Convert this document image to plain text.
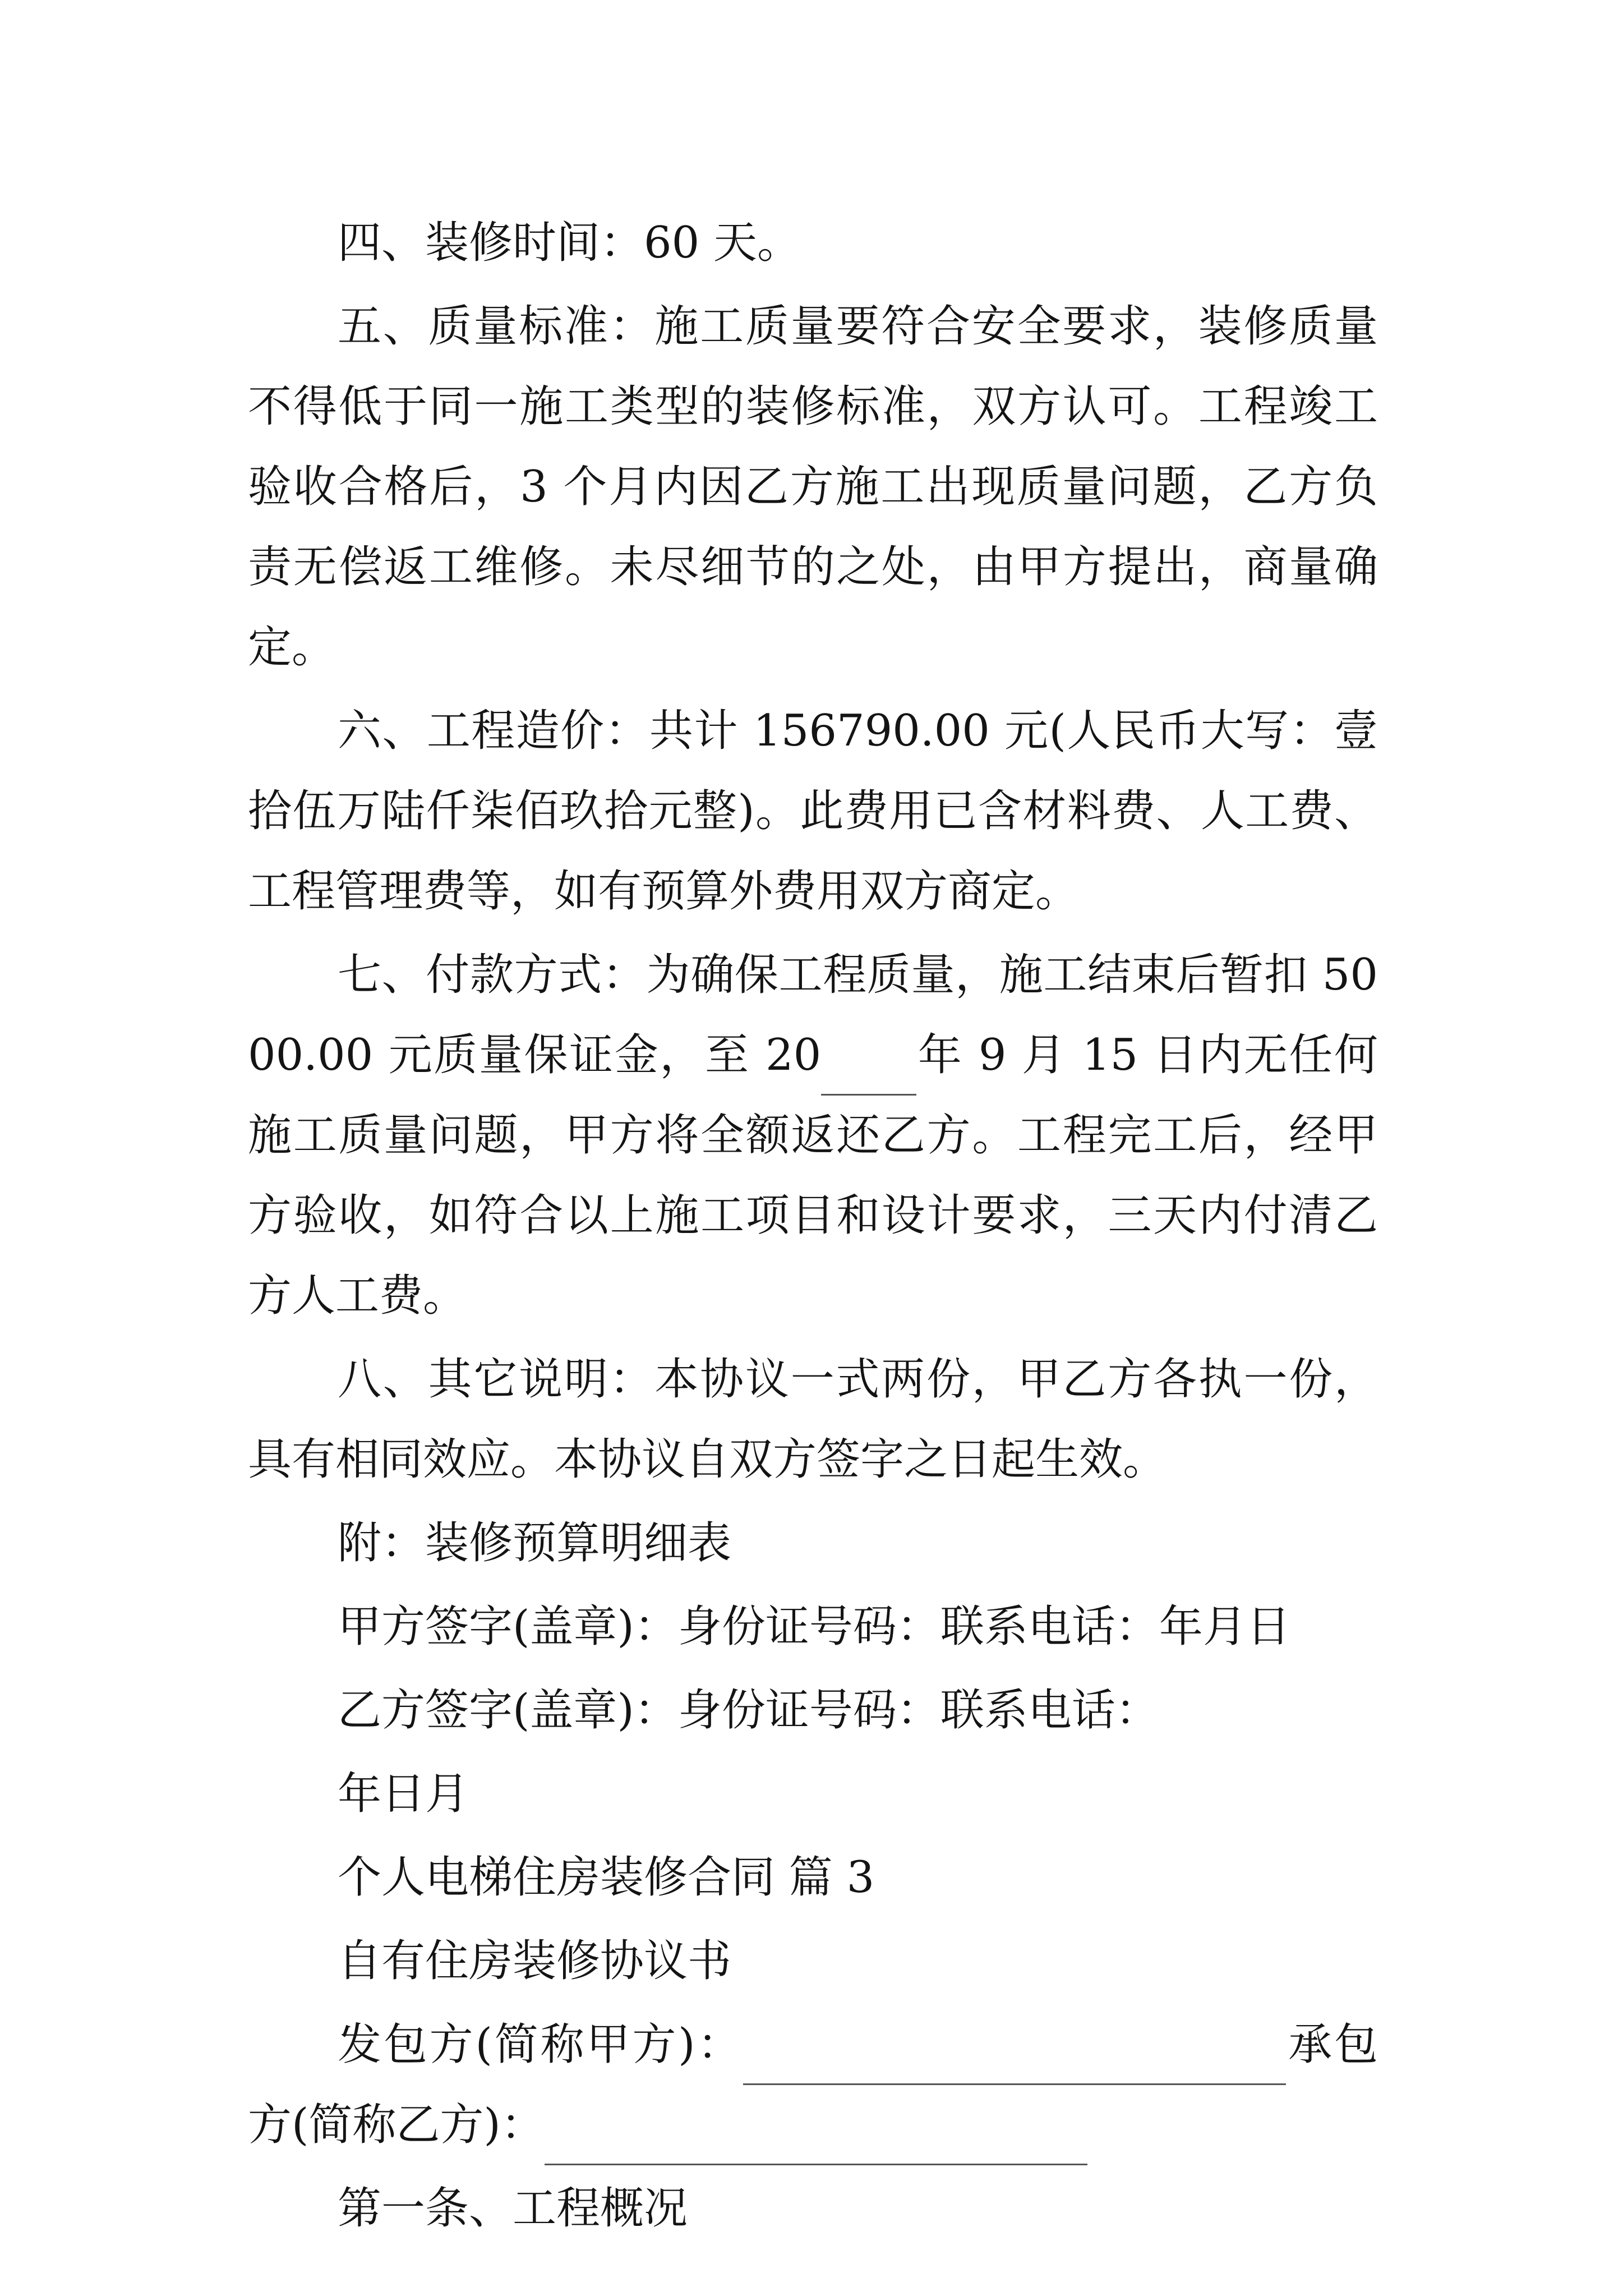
四、装修时间：60 天。

五、质量标准：施工质量要符合安全要求，装修质量不得低于同一施工类型的装修标准，双方认可。工程竣工验收合格后，3 个月内因乙方施工出现质量问题，乙方负责无偿返工维修。未尽细节的之处，由甲方提出，商量确定。

六、工程造价：共计 156790.00 元(人民币大写：壹拾伍万陆仟柒佰玖拾元整)。此费用已含材料费、人工费、工程管理费等，如有预算外费用双方商定。

七、付款方式：为确保工程质量，施工结束后暂扣 5000.00 元质量保证金，至 20 年 9 月 15 日内无任何施工质量问题，甲方将全额返还乙方。工程完工后，经甲方验收，如符合以上施工项目和设计要求，三天内付清乙方人工费。

八、其它说明：本协议一式两份，甲乙方各执一份，具有相同效应。本协议自双方签字之日起生效。

附：装修预算明细表

甲方签字(盖章)：身份证号码：联系电话：年月日

乙方签字(盖章)：身份证号码：联系电话：

年日月

个人电梯住房装修合同 篇 3

自有住房装修协议书

发包方(简称甲方)：	承包方(简称乙方)：

第一条、工程概况
